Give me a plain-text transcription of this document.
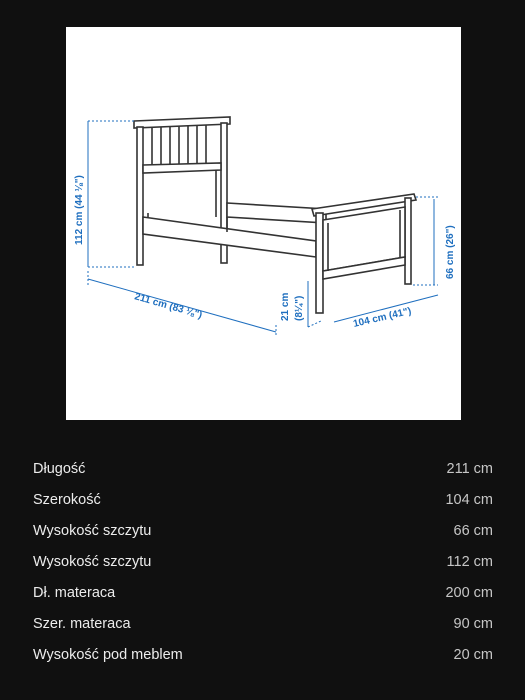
112 cm (44 ⅛")
211 cm (83 ⅛")	21 cm (8¼")	104 cm (41")
66 cm (26")
Długość	211 cm
Szerokość	104 cm
Wysokość szczytu	66 cm
Wysokość szczytu	112 cm
Dł. materaca	200 cm
Szer. materaca	90 cm
Wysokość pod meblem	20 cm
